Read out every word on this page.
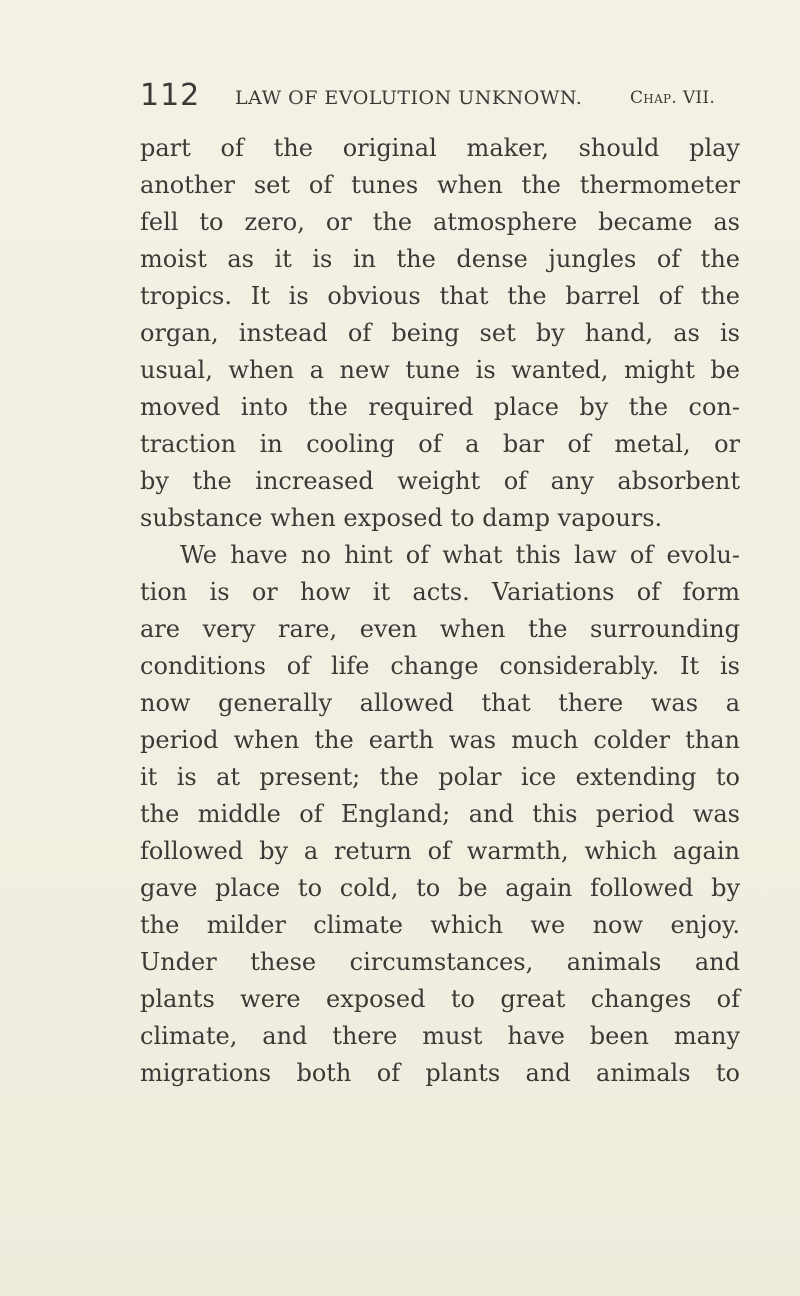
112 LAW OF EVOLUTION UNKNOWN.	Chap. VII.
part of the original maker, should play
another set of tunes when the thermometer
fell to zero, or the atmosphere became as
moist as it is in the dense jungles of the
tropics. It is obvious that the barrel of the
organ, instead of being set by hand, as is
usual, when a new tune is wanted, might be
moved into the required place by the con-
traction in cooling of a bar of metal, or
by the increased weight of any absorbent
substance when exposed to damp vapours.
We have no hint of what this law of evolu-
tion is or how it acts. Variations of form
are very rare, even when the surrounding
conditions of life change considerably. It is
now generally allowed that there was a
period when the earth was much colder than
it is at present; the polar ice extending to
the middle of England; and this period was
followed by a return of warmth, which again
gave place to cold, to be again followed by
the milder climate which we now enjoy.
Under these circumstances, animals and
plants were exposed to great changes of
climate, and there must have been many
migrations both of plants and animals to
